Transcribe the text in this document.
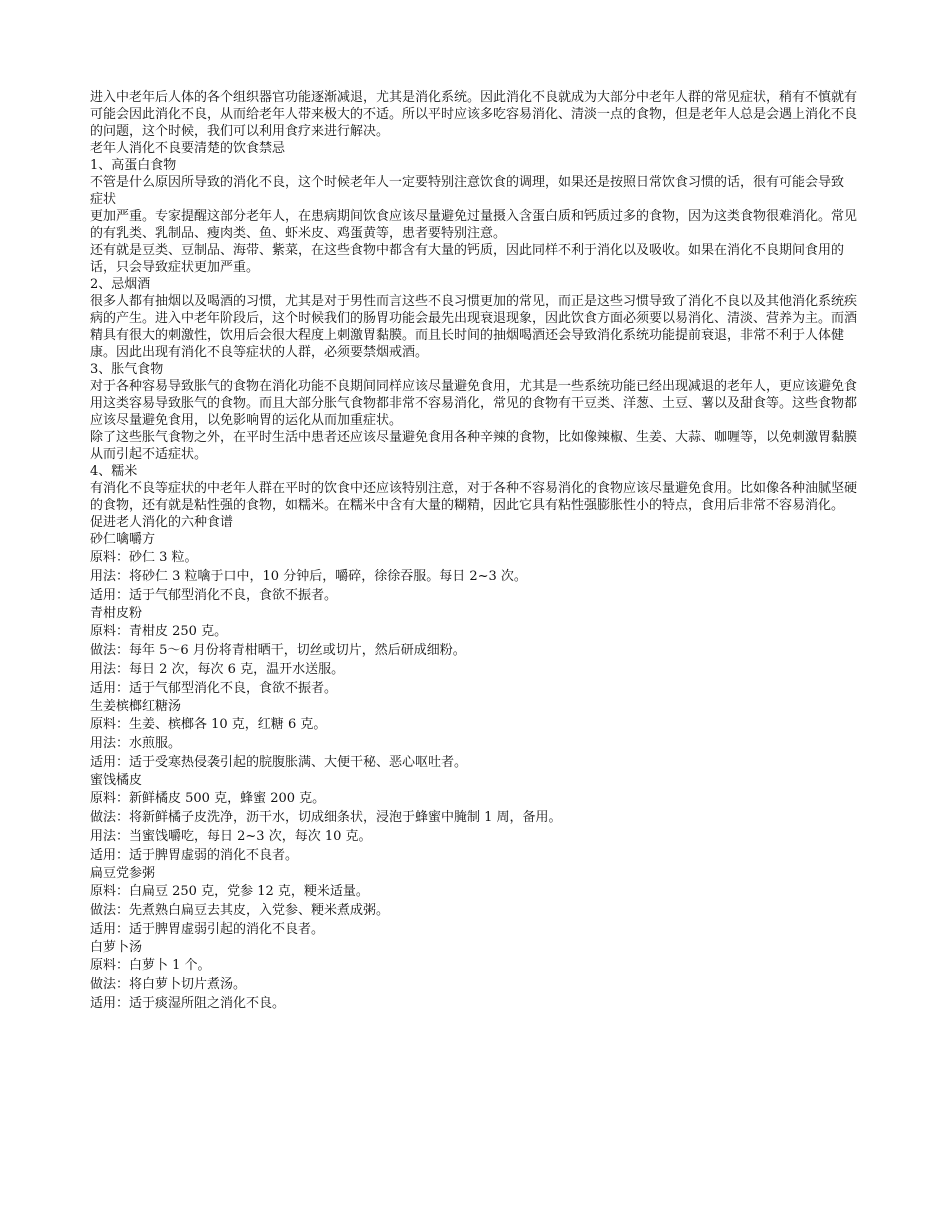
进入中老年后人体的各个组织器官功能逐渐减退，尤其是消化系统。因此消化不良就成为大部分中老年人群的常见症状，稍有不慎就有可能会因此消化不良，从而给老年人带来极大的不适。所以平时应该多吃容易消化、清淡一点的食物，但是老年人总是会遇上消化不良的问题，这个时候，我们可以利用食疗来进行解决。

老年人消化不良要清楚的饮食禁忌

1、高蛋白食物

不管是什么原因所导致的消化不良，这个时候老年人一定要特别注意饮食的调理，如果还是按照日常饮食习惯的话，很有可能会导致

症状

更加严重。专家提醒这部分老年人，在患病期间饮食应该尽量避免过量摄入含蛋白质和钙质过多的食物，因为这类食物很难消化。常见的有乳类、乳制品、瘦肉类、鱼、虾米皮、鸡蛋黄等，患者要特别注意。

还有就是豆类、豆制品、海带、紫菜，在这些食物中都含有大量的钙质，因此同样不利于消化以及吸收。如果在消化不良期间食用的话，只会导致症状更加严重。

2、忌烟酒

很多人都有抽烟以及喝酒的习惯，尤其是对于男性而言这些不良习惯更加的常见，而正是这些习惯导致了消化不良以及其他消化系统疾病的产生。进入中老年阶段后，这个时候我们的肠胃功能会最先出现衰退现象，因此饮食方面必须要以易消化、清淡、营养为主。而酒精具有很大的刺激性，饮用后会很大程度上刺激胃黏膜。而且长时间的抽烟喝酒还会导致消化系统功能提前衰退，非常不利于人体健康。因此出现有消化不良等症状的人群，必须要禁烟戒酒。

3、胀气食物

对于各种容易导致胀气的食物在消化功能不良期间同样应该尽量避免食用，尤其是一些系统功能已经出现减退的老年人，更应该避免食用这类容易导致胀气的食物。而且大部分胀气食物都非常不容易消化，常见的食物有干豆类、洋葱、土豆、薯以及甜食等。这些食物都应该尽量避免食用，以免影响胃的运化从而加重症状。

除了这些胀气食物之外，在平时生活中患者还应该尽量避免食用各种辛辣的食物，比如像辣椒、生姜、大蒜、咖喱等，以免刺激胃黏膜从而引起不适症状。

4、糯米

有消化不良等症状的中老年人群在平时的饮食中还应该特别注意，对于各种不容易消化的食物应该尽量避免食用。比如像各种油腻坚硬的食物，还有就是粘性强的食物，如糯米。在糯米中含有大量的糊精，因此它具有粘性强膨胀性小的特点，食用后非常不容易消化。

促进老人消化的六种食谱

砂仁噙嚼方

原料：砂仁 3 粒。

用法：将砂仁 3 粒噙于口中，10 分钟后，嚼碎，徐徐吞服。每日 2~3 次。

适用：适于气郁型消化不良，食欲不振者。

青柑皮粉

原料：青柑皮 250 克。

做法：每年 5～6 月份将青柑晒干，切丝或切片，然后研成细粉。

用法：每日 2 次，每次 6 克，温开水送服。

适用：适于气郁型消化不良，食欲不振者。

生姜槟榔红糖汤

原料：生姜、槟榔各 10 克，红糖 6 克。

用法：水煎服。

适用：适于受寒热侵袭引起的脘腹胀满、大便干秘、恶心呕吐者。

蜜饯橘皮

原料：新鲜橘皮 500 克，蜂蜜 200 克。

做法：将新鲜橘子皮洗净，沥干水，切成细条状，浸泡于蜂蜜中腌制 1 周，备用。

用法：当蜜饯嚼吃，每日 2~3 次，每次 10 克。

适用：适于脾胃虚弱的消化不良者。

扁豆党参粥

原料：白扁豆 250 克，党参 12 克，粳米适量。

做法：先煮熟白扁豆去其皮，入党参、粳米煮成粥。

适用：适于脾胃虚弱引起的消化不良者。

白萝卜汤

原料：白萝卜 1 个。

做法：将白萝卜切片煮汤。

适用：适于痰湿所阻之消化不良。
